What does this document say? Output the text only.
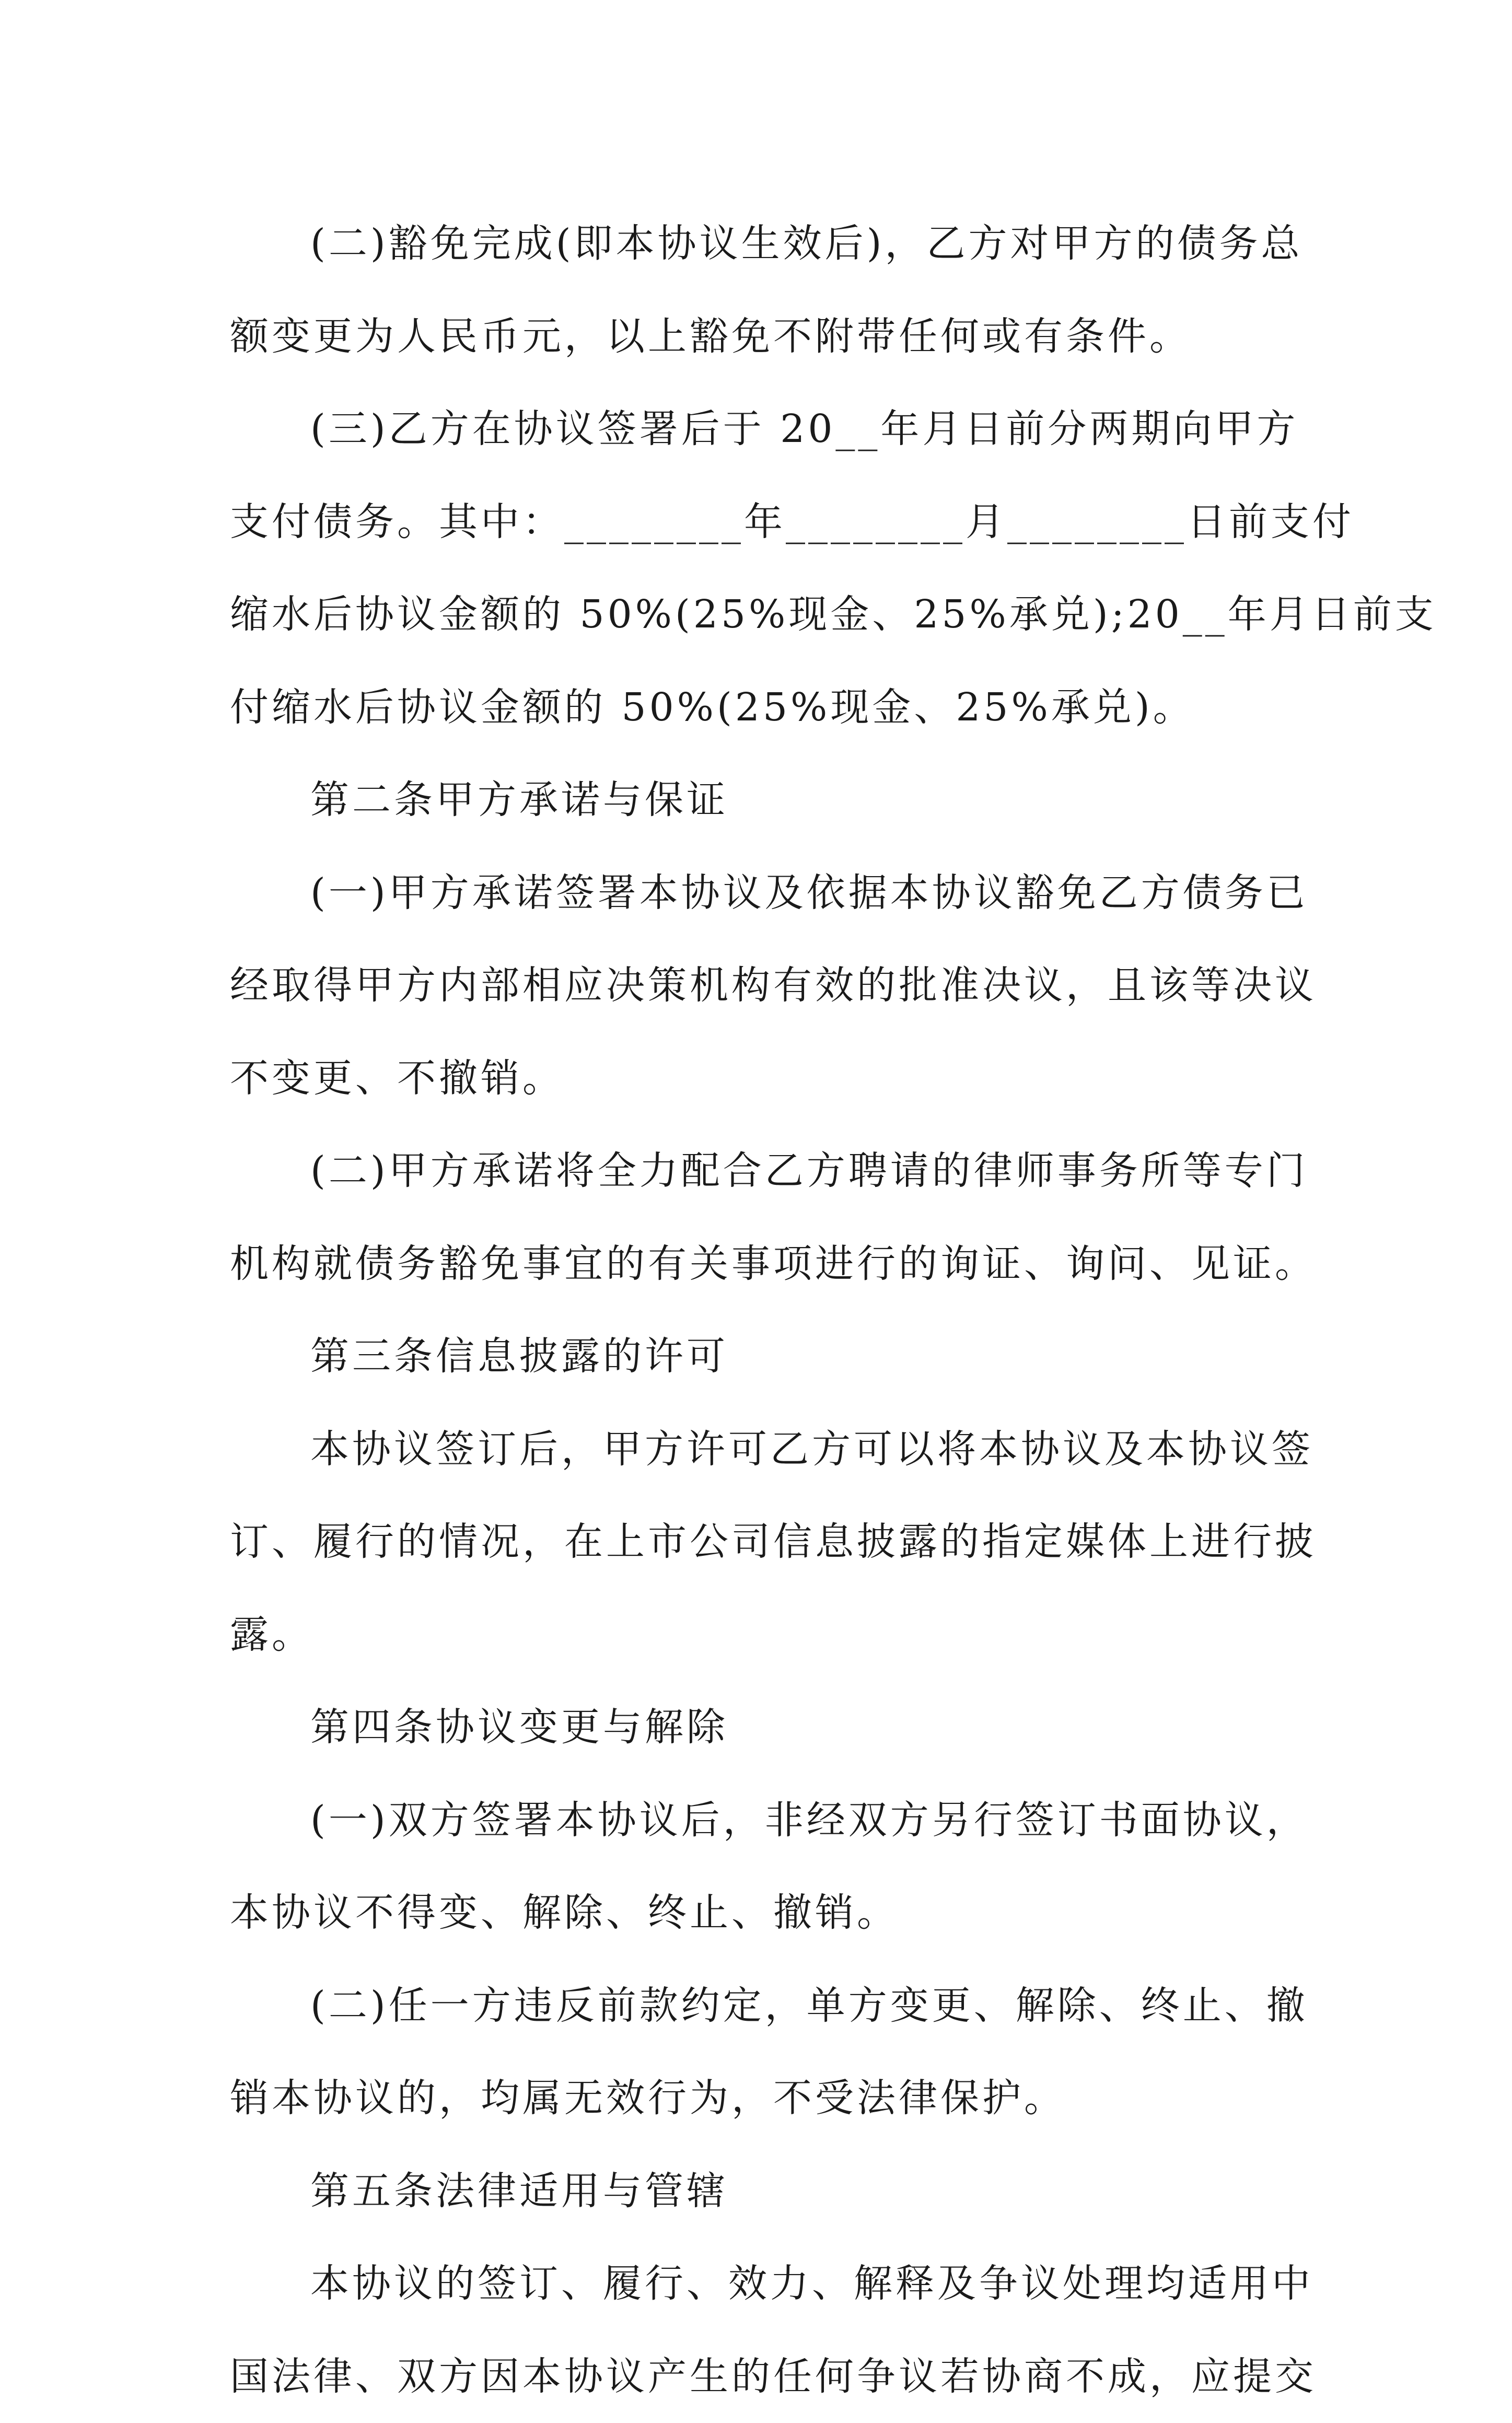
(二)豁免完成(即本协议生效后)，乙方对甲方的债务总
额变更为人民币元，以上豁免不附带任何或有条件。
(三)乙方在协议签署后于 20__年月日前分两期向甲方
支付债务。其中：________年________月________日前支付
缩水后协议金额的 50%(25%现金、25%承兑);20__年月日前支
付缩水后协议金额的 50%(25%现金、25%承兑)。
第二条甲方承诺与保证
(一)甲方承诺签署本协议及依据本协议豁免乙方债务已
经取得甲方内部相应决策机构有效的批准决议，且该等决议
不变更、不撤销。
(二)甲方承诺将全力配合乙方聘请的律师事务所等专门
机构就债务豁免事宜的有关事项进行的询证、询问、见证。
第三条信息披露的许可
本协议签订后，甲方许可乙方可以将本协议及本协议签
订、履行的情况，在上市公司信息披露的指定媒体上进行披
露。
第四条协议变更与解除
(一)双方签署本协议后，非经双方另行签订书面协议，
本协议不得变、解除、终止、撤销。
(二)任一方违反前款约定，单方变更、解除、终止、撤
销本协议的，均属无效行为，不受法律保护。
第五条法律适用与管辖
本协议的签订、履行、效力、解释及争议处理均适用中
国法律、双方因本协议产生的任何争议若协商不成，应提交
